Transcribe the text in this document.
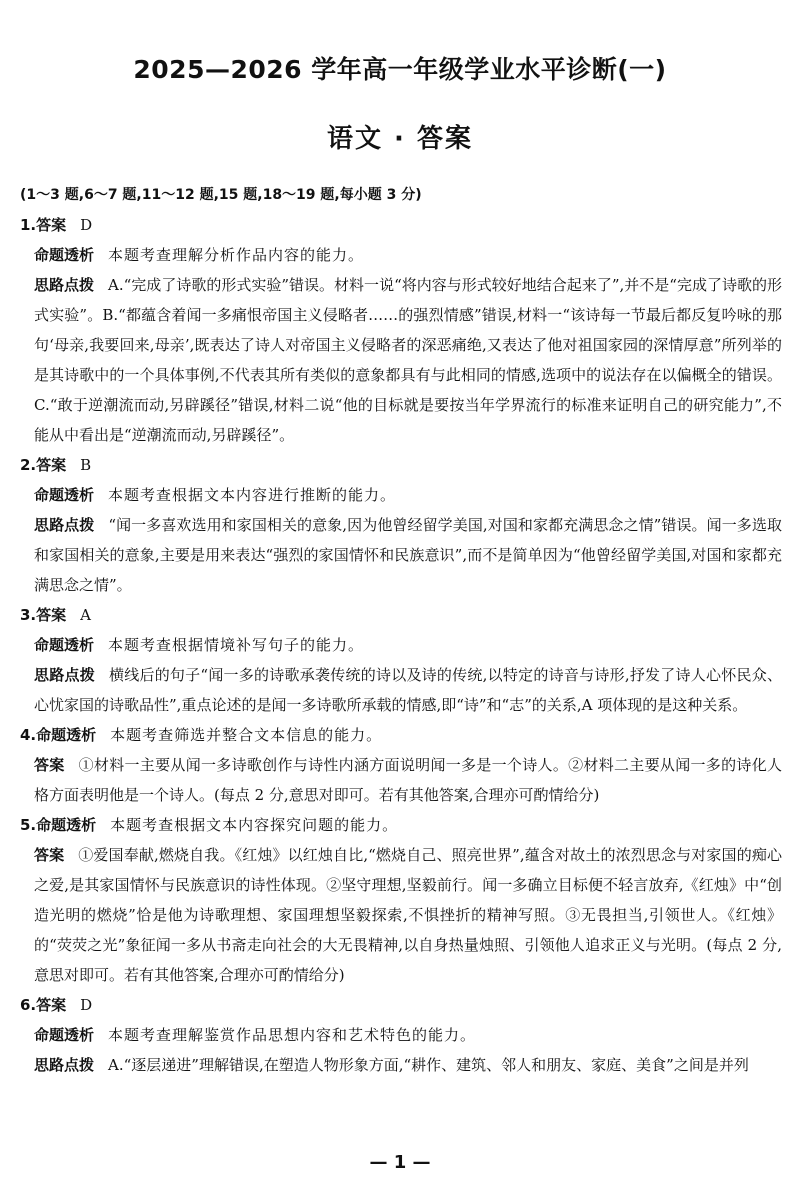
2025—2026 学年高一年级学业水平诊断(一)
语文 · 答案
(1～3 题,6～7 题,11～12 题,15 题,18～19 题,每小题 3 分)
1.答案 D
命题透析 本题考查理解分析作品内容的能力。
思路点拨 A.“完成了诗歌的形式实验”错误。材料一说“将内容与形式较好地结合起来了”,并不是“完成了诗歌的形式实验”。B.“都蕴含着闻一多痛恨帝国主义侵略者……的强烈情感”错误,材料一“该诗每一节最后都反复吟咏的那句‘母亲,我要回来,母亲’,既表达了诗人对帝国主义侵略者的深恶痛绝,又表达了他对祖国家园的深情厚意”所列举的是其诗歌中的一个具体事例,不代表其所有类似的意象都具有与此相同的情感,选项中的说法存在以偏概全的错误。C.“敢于逆潮流而动,另辟蹊径”错误,材料二说“他的目标就是要按当年学界流行的标准来证明自己的研究能力”,不能从中看出是“逆潮流而动,另辟蹊径”。
2.答案 B
命题透析 本题考查根据文本内容进行推断的能力。
思路点拨 “闻一多喜欢选用和家国相关的意象,因为他曾经留学美国,对国和家都充满思念之情”错误。闻一多选取和家国相关的意象,主要是用来表达“强烈的家国情怀和民族意识”,而不是简单因为“他曾经留学美国,对国和家都充满思念之情”。
3.答案 A
命题透析 本题考查根据情境补写句子的能力。
思路点拨 横线后的句子“闻一多的诗歌承袭传统的诗以及诗的传统,以特定的诗音与诗形,抒发了诗人心怀民众、心忧家国的诗歌品性”,重点论述的是闻一多诗歌所承载的情感,即“诗”和“志”的关系,A 项体现的是这种关系。
4.命题透析 本题考查筛选并整合文本信息的能力。
答案 ①材料一主要从闻一多诗歌创作与诗性内涵方面说明闻一多是一个诗人。②材料二主要从闻一多的诗化人格方面表明他是一个诗人。(每点 2 分,意思对即可。若有其他答案,合理亦可酌情给分)
5.命题透析 本题考查根据文本内容探究问题的能力。
答案 ①爱国奉献,燃烧自我。《红烛》以红烛自比,“燃烧自己、照亮世界”,蕴含对故土的浓烈思念与对家国的痴心之爱,是其家国情怀与民族意识的诗性体现。②坚守理想,坚毅前行。闻一多确立目标便不轻言放弃,《红烛》中“创造光明的燃烧”恰是他为诗歌理想、家国理想坚毅探索,不惧挫折的精神写照。③无畏担当,引领世人。《红烛》的“荧荧之光”象征闻一多从书斋走向社会的大无畏精神,以自身热量烛照、引领他人追求正义与光明。(每点 2 分,意思对即可。若有其他答案,合理亦可酌情给分)
6.答案 D
命题透析 本题考查理解鉴赏作品思想内容和艺术特色的能力。
思路点拨 A.“逐层递进”理解错误,在塑造人物形象方面,“耕作、建筑、邻人和朋友、家庭、美食”之间是并列
— 1 —
